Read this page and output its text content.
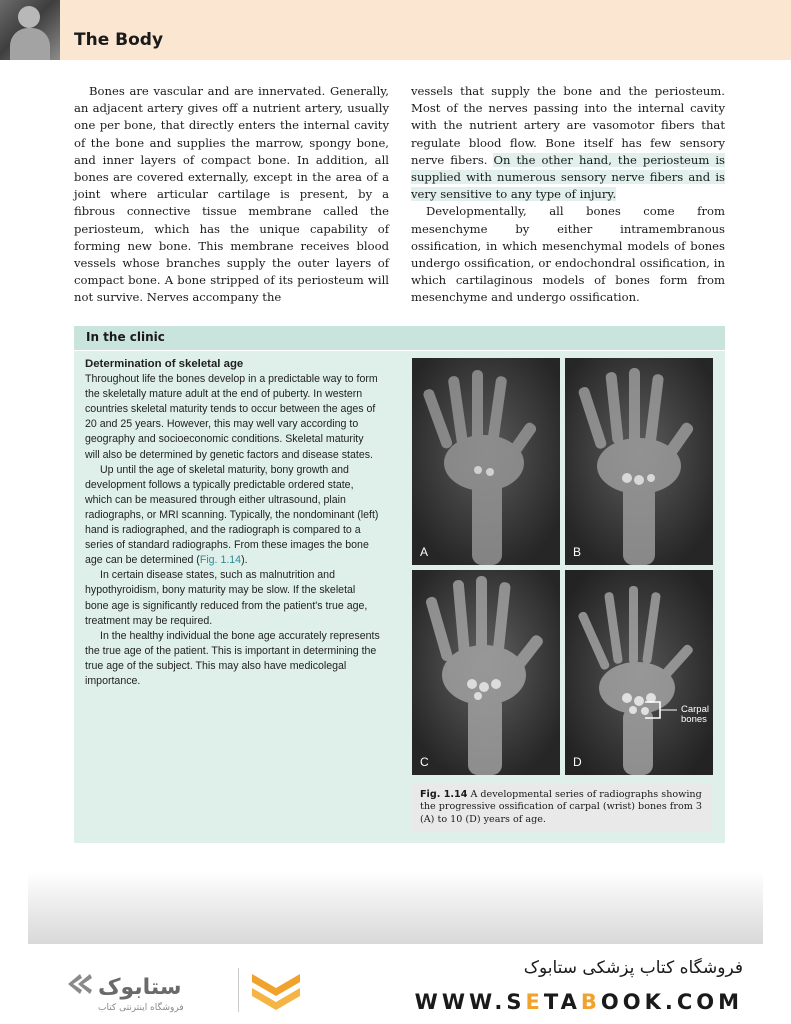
The Body

Bones are vascular and are innervated. Generally, an adjacent artery gives off a nutrient artery, usually one per bone, that directly enters the internal cavity of the bone and supplies the marrow, spongy bone, and inner layers of compact bone. In addition, all bones are covered externally, except in the area of a joint where articular cartilage is present, by a fibrous connective tissue membrane called the periosteum, which has the unique capability of forming new bone. This membrane receives blood vessels whose branches supply the outer layers of compact bone. A bone stripped of its periosteum will not survive. Nerves accompany the

vessels that supply the bone and the periosteum. Most of the nerves passing into the internal cavity with the nutrient artery are vasomotor fibers that regulate blood flow. Bone itself has few sensory nerve fibers. On the other hand, the periosteum is supplied with numerous sensory nerve fibers and is very sensitive to any type of injury.

Developmentally, all bones come from mesenchyme by either intramembranous ossification, in which mesenchymal models of bones undergo ossification, or endochondral ossification, in which cartilaginous models of bones form from mesenchyme and undergo ossification.

In the clinic
Determination of skeletal age

Throughout life the bones develop in a predictable way to form the skeletally mature adult at the end of puberty. In western countries skeletal maturity tends to occur between the ages of 20 and 25 years. However, this may well vary according to geography and socioeconomic conditions. Skeletal maturity will also be determined by genetic factors and disease states.

Up until the age of skeletal maturity, bony growth and development follows a typically predictable ordered state, which can be measured through either ultrasound, plain radiographs, or MRI scanning. Typically, the nondominant (left) hand is radiographed, and the radiograph is compared to a series of standard radiographs. From these images the bone age can be determined (Fig. 1.14).

In certain disease states, such as malnutrition and hypothyroidism, bony maturity may be slow. If the skeletal bone age is significantly reduced from the patient's true age, treatment may be required.

In the healthy individual the bone age accurately represents the true age of the patient. This is important in determining the true age of the subject. This may also have medicolegal importance.

A	B
C
Carpal
bones
D
Fig. 1.14 A developmental series of radiographs showing the progressive ossification of carpal (wrist) bones from 3 (A) to 10 (D) years of age.
ستابوک
فروشگاه اینترنتی کتاب
فروشگاه کتاب پزشکی ستابوک
WWW.SETABOOK.COM
